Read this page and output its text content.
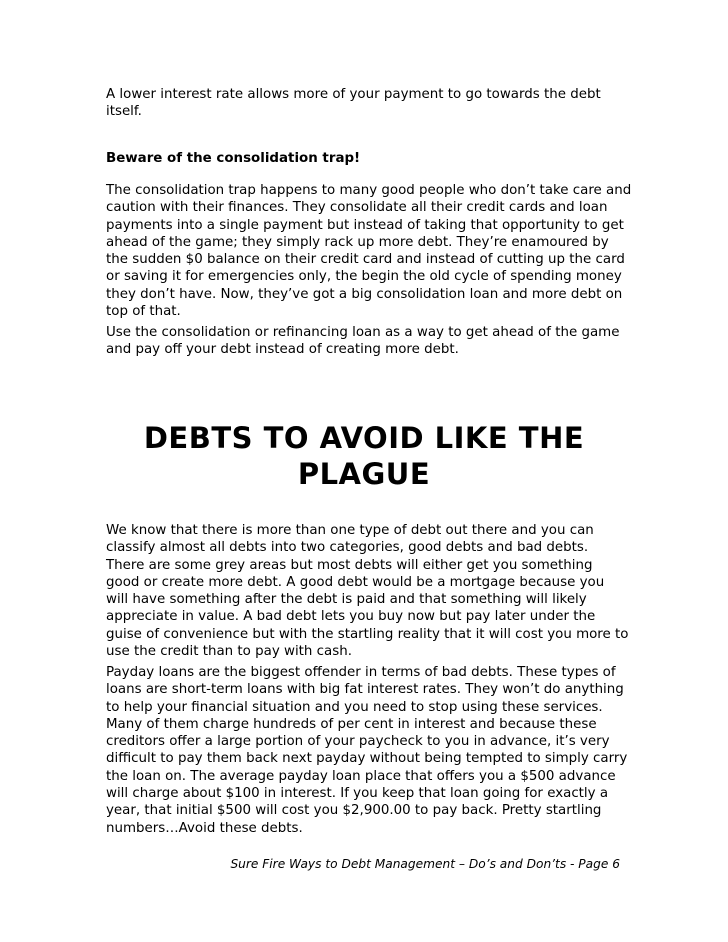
A lower interest rate allows more of your payment to go towards the debt
itself.
Beware of the consolidation trap!
The consolidation trap happens to many good people who don’t take care and
caution with their finances. They consolidate all their credit cards and loan
payments into a single payment but instead of taking that opportunity to get
ahead of the game; they simply rack up more debt. They’re enamoured by
the sudden $0 balance on their credit card and instead of cutting up the card
or saving it for emergencies only, the begin the old cycle of spending money
they don’t have. Now, they’ve got a big consolidation loan and more debt on
top of that.
Use the consolidation or refinancing loan as a way to get ahead of the game
and pay off your debt instead of creating more debt.
DEBTS TO AVOID LIKE THE
PLAGUE
We know that there is more than one type of debt out there and you can
classify almost all debts into two categories, good debts and bad debts.
There are some grey areas but most debts will either get you something
good or create more debt. A good debt would be a mortgage because you
will have something after the debt is paid and that something will likely
appreciate in value. A bad debt lets you buy now but pay later under the
guise of convenience but with the startling reality that it will cost you more to
use the credit than to pay with cash.
Payday loans are the biggest offender in terms of bad debts. These types of
loans are short-term loans with big fat interest rates. They won’t do anything
to help your financial situation and you need to stop using these services.
Many of them charge hundreds of per cent in interest and because these
creditors offer a large portion of your paycheck to you in advance, it’s very
difficult to pay them back next payday without being tempted to simply carry
the loan on. The average payday loan place that offers you a $500 advance
will charge about $100 in interest. If you keep that loan going for exactly a
year, that initial $500 will cost you $2,900.00 to pay back. Pretty startling
numbers…Avoid these debts.
Sure Fire Ways to Debt Management – Do’s and Don’ts - Page 6
